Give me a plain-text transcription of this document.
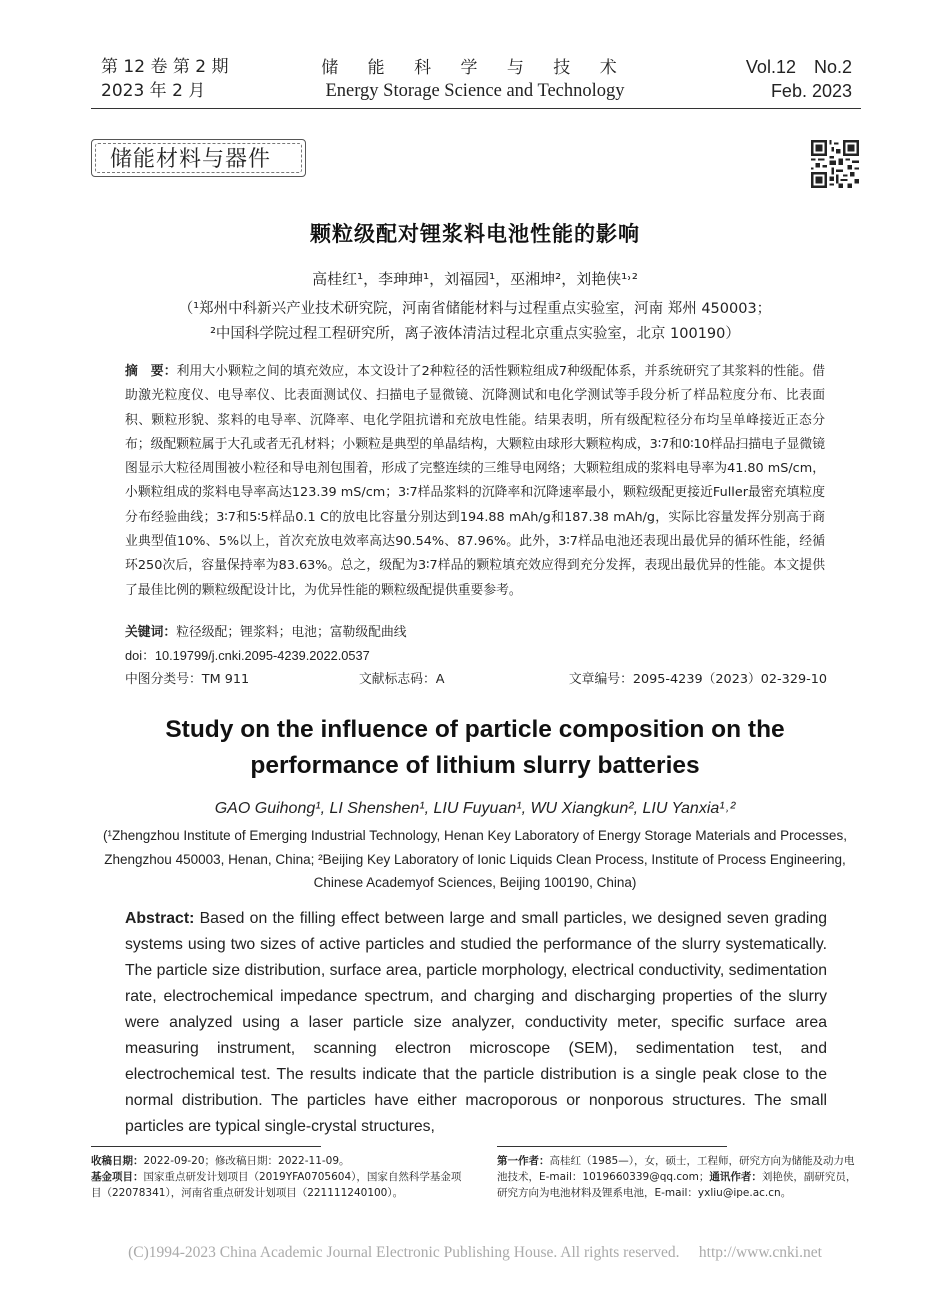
第 12 卷 第 2 期
2023 年 2 月
储 能 科 学 与 技 术
Energy Storage Science and Technology
Vol.12　No.2
Feb. 2023
储能材料与器件
颗粒级配对锂浆料电池性能的影响
高桂红¹，李珅珅¹，刘福园¹，巫湘坤²，刘艳侠¹˒²
（¹郑州中科新兴产业技术研究院，河南省储能材料与过程重点实验室，河南 郑州 450003；
²中国科学院过程工程研究所，离子液体清洁过程北京重点实验室，北京 100190）
摘　要：利用大小颗粒之间的填充效应，本文设计了2种粒径的活性颗粒组成7种级配体系，并系统研究了其浆料的性能。借助激光粒度仪、电导率仪、比表面测试仪、扫描电子显微镜、沉降测试和电化学测试等手段分析了样品粒度分布、比表面积、颗粒形貌、浆料的电导率、沉降率、电化学阻抗谱和充放电性能。结果表明，所有级配粒径分布均呈单峰接近正态分布；级配颗粒属于大孔或者无孔材料；小颗粒是典型的单晶结构，大颗粒由球形大颗粒构成，3∶7和0∶10样品扫描电子显微镜图显示大粒径周围被小粒径和导电剂包围着，形成了完整连续的三维导电网络；大颗粒组成的浆料电导率为41.80 mS/cm，小颗粒组成的浆料电导率高达123.39 mS/cm；3∶7样品浆料的沉降率和沉降速率最小，颗粒级配更接近Fuller最密充填粒度分布经验曲线；3∶7和5∶5样品0.1 C的放电比容量分别达到194.88 mAh/g和187.38 mAh/g，实际比容量发挥分别高于商业典型值10%、5%以上，首次充放电效率高达90.54%、87.96%。此外，3∶7样品电池还表现出最优异的循环性能，经循环250次后，容量保持率为83.63%。总之，级配为3∶7样品的颗粒填充效应得到充分发挥，表现出最优异的性能。本文提供了最佳比例的颗粒级配设计比，为优异性能的颗粒级配提供重要参考。
关键词：粒径级配；锂浆料；电池；富勒级配曲线
doi：10.19799/j.cnki.2095-4239.2022.0537
中图分类号：TM 911	文献标志码：A	文章编号：2095-4239（2023）02-329-10
Study on the influence of particle composition on the performance of lithium slurry batteries
GAO Guihong¹, LI Shenshen¹, LIU Fuyuan¹, WU Xiangkun², LIU Yanxia¹˒²
(¹Zhengzhou Institute of Emerging Industrial Technology, Henan Key Laboratory of Energy Storage Materials and Processes, Zhengzhou 450003, Henan, China; ²Beijing Key Laboratory of Ionic Liquids Clean Process, Institute of Process Engineering, Chinese Academyof Sciences, Beijing 100190, China)
Abstract: Based on the filling effect between large and small particles, we designed seven grading systems using two sizes of active particles and studied the performance of the slurry systematically. The particle size distribution, surface area, particle morphology, electrical conductivity, sedimentation rate, electrochemical impedance spectrum, and charging and discharging properties of the slurry were analyzed using a laser particle size analyzer, conductivity meter, specific surface area measuring instrument, scanning electron microscope (SEM), sedimentation test, and electrochemical test. The results indicate that the particle distribution is a single peak close to the normal distribution. The particles have either macroporous or nonporous structures. The small particles are typical single-crystal structures,
收稿日期：2022-09-20；修改稿日期：2022-11-09。
基金项目：国家重点研发计划项目（2019YFA0705604），国家自然科学基金项目（22078341），河南省重点研发计划项目（221111240100）。
第一作者：高桂红（1985—），女，硕士，工程师，研究方向为储能及动力电池技术，E-mail：1019660339@qq.com；通讯作者：刘艳侠，副研究员，研究方向为电池材料及锂系电池，E-mail：yxliu@ipe.ac.cn。
(C)1994-2023 China Academic Journal Electronic Publishing House. All rights reserved.　 http://www.cnki.net
